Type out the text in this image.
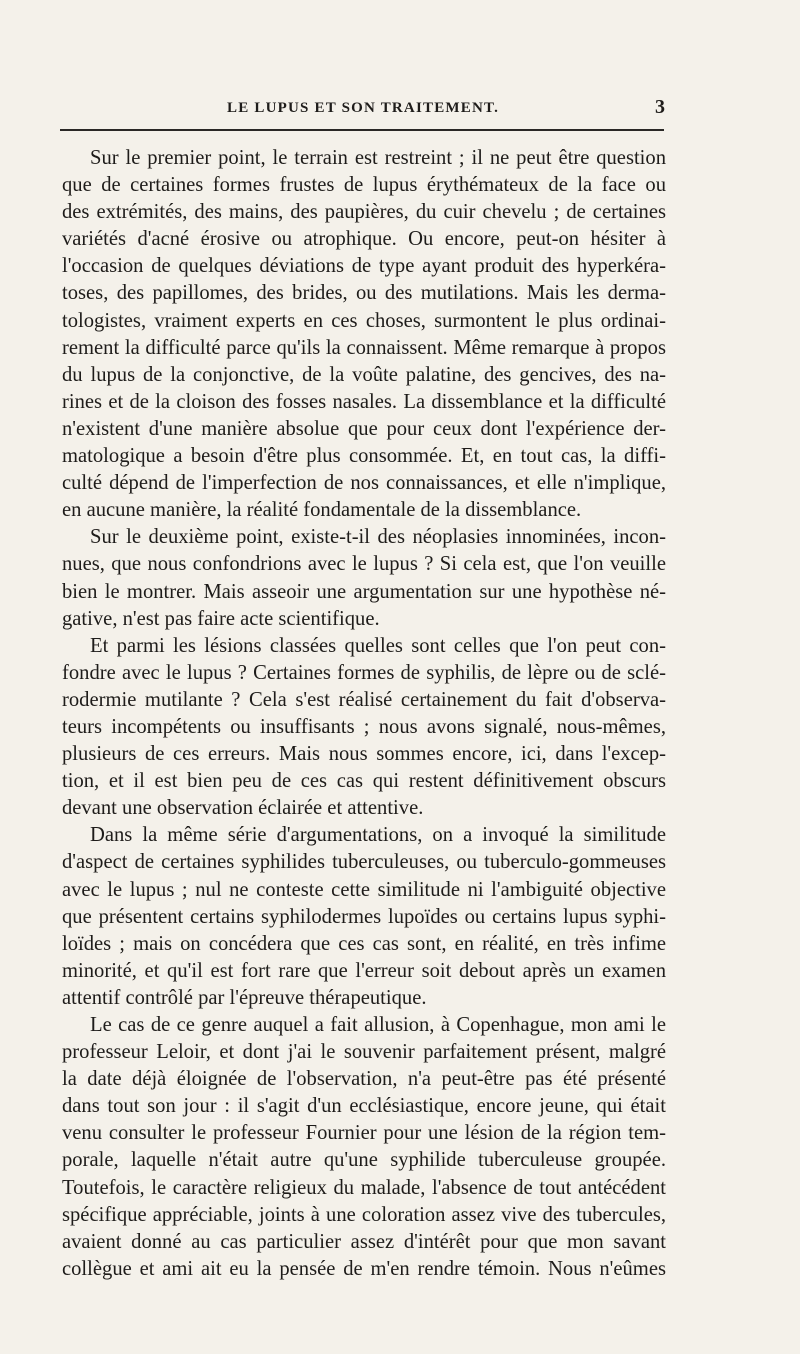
LE LUPUS ET SON TRAITEMENT.	3
Sur le premier point, le terrain est restreint ; il ne peut être question
que de certaines formes frustes de lupus érythémateux de la face ou
des extrémités, des mains, des paupières, du cuir chevelu ; de certaines
variétés d'acné érosive ou atrophique. Ou encore, peut-on hésiter à
l'occasion de quelques déviations de type ayant produit des hyperkéra-
toses, des papillomes, des brides, ou des mutilations. Mais les derma-
tologistes, vraiment experts en ces choses, surmontent le plus ordinai-
rement la difficulté parce qu'ils la connaissent. Même remarque à propos
du lupus de la conjonctive, de la voûte palatine, des gencives, des na-
rines et de la cloison des fosses nasales. La dissemblance et la difficulté
n'existent d'une manière absolue que pour ceux dont l'expérience der-
matologique a besoin d'être plus consommée. Et, en tout cas, la diffi-
culté dépend de l'imperfection de nos connaissances, et elle n'implique,
en aucune manière, la réalité fondamentale de la dissemblance.
Sur le deuxième point, existe-t-il des néoplasies innominées, incon-
nues, que nous confondrions avec le lupus ? Si cela est, que l'on veuille
bien le montrer. Mais asseoir une argumentation sur une hypothèse né-
gative, n'est pas faire acte scientifique.
Et parmi les lésions classées quelles sont celles que l'on peut con-
fondre avec le lupus ? Certaines formes de syphilis, de lèpre ou de sclé-
rodermie mutilante ? Cela s'est réalisé certainement du fait d'observa-
teurs incompétents ou insuffisants ; nous avons signalé, nous-mêmes,
plusieurs de ces erreurs. Mais nous sommes encore, ici, dans l'excep-
tion, et il est bien peu de ces cas qui restent définitivement obscurs
devant une observation éclairée et attentive.
Dans la même série d'argumentations, on a invoqué la similitude
d'aspect de certaines syphilides tuberculeuses, ou tuberculo-gommeuses
avec le lupus ; nul ne conteste cette similitude ni l'ambiguité objective
que présentent certains syphilodermes lupoïdes ou certains lupus syphi-
loïdes ; mais on concédera que ces cas sont, en réalité, en très infime
minorité, et qu'il est fort rare que l'erreur soit debout après un examen
attentif contrôlé par l'épreuve thérapeutique.
Le cas de ce genre auquel a fait allusion, à Copenhague, mon ami le
professeur Leloir, et dont j'ai le souvenir parfaitement présent, malgré
la date déjà éloignée de l'observation, n'a peut-être pas été présenté
dans tout son jour : il s'agit d'un ecclésiastique, encore jeune, qui était
venu consulter le professeur Fournier pour une lésion de la région tem-
porale, laquelle n'était autre qu'une syphilide tuberculeuse groupée.
Toutefois, le caractère religieux du malade, l'absence de tout antécédent
spécifique appréciable, joints à une coloration assez vive des tubercules,
avaient donné au cas particulier assez d'intérêt pour que mon savant
collègue et ami ait eu la pensée de m'en rendre témoin. Nous n'eûmes
